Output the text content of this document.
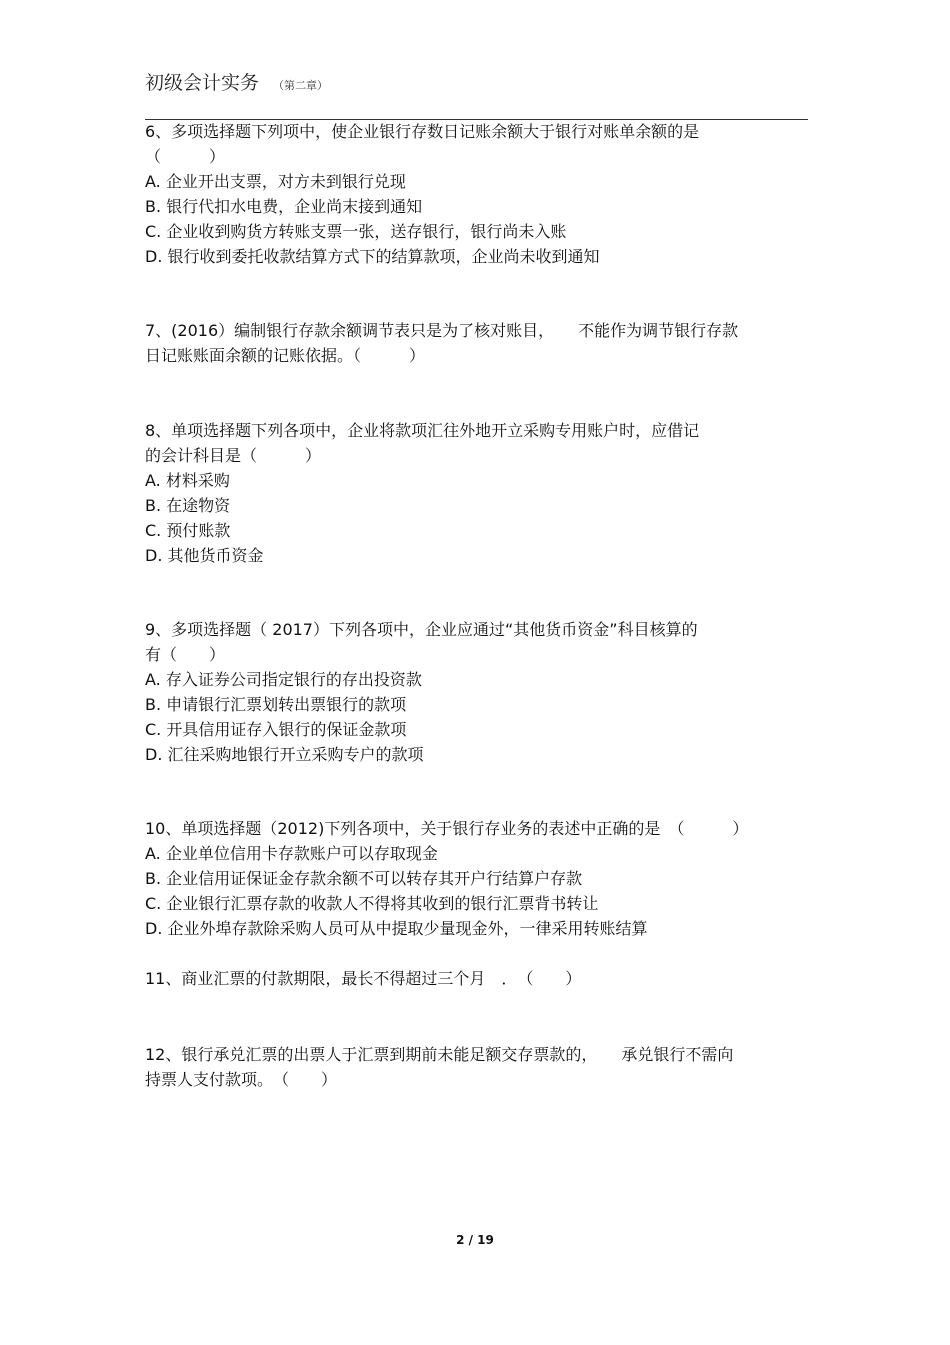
初级会计实务 （第二章）

6、多项选择题下列项中，使企业银行存数日记账余额大于银行对账单余额的是

（　　　）

A. 企业开出支票，对方未到银行兑现

B. 银行代扣水电费，企业尚末接到通知

C. 企业收到购货方转账支票一张，送存银行，银行尚未入账

D. 银行收到委托收款结算方式下的结算款项，企业尚未收到通知

7、(2016）编制银行存款余额调节表只是为了核对账目，　　不能作为调节银行存款

日记账账面余额的记账依据。（　　　）

8、单项选择题下列各项中，企业将款项汇往外地开立采购专用账户时，应借记

的会计科目是（　　　）

A. 材料采购

B. 在途物资

C. 预付账款

D. 其他货币资金

9、多项选择题（ 2017）下列各项中，企业应通过“其他货币资金”科目核算的

有（　　）

A. 存入证券公司指定银行的存出投资款

B. 申请银行汇票划转出票银行的款项

C. 开具信用证存入银行的保证金款项

D. 汇往采购地银行开立采购专户的款项

10、单项选择题（2012)下列各项中，关于银行存业务的表述中正确的是　（　　　）

A. 企业单位信用卡存款账户可以存取现金

B. 企业信用证保证金存款余额不可以转存其开户行结算户存款

C. 企业银行汇票存款的收款人不得将其收到的银行汇票背书转让

D. 企业外埠存款除采购人员可从中提取少量现金外，一律采用转账结算

11、商业汇票的付款期限，最长不得超过三个月　．　（　　）

12、银行承兑汇票的出票人于汇票到期前未能足额交存票款的，　　承兑银行不需向

持票人支付款项。　（　　）

2 / 19
